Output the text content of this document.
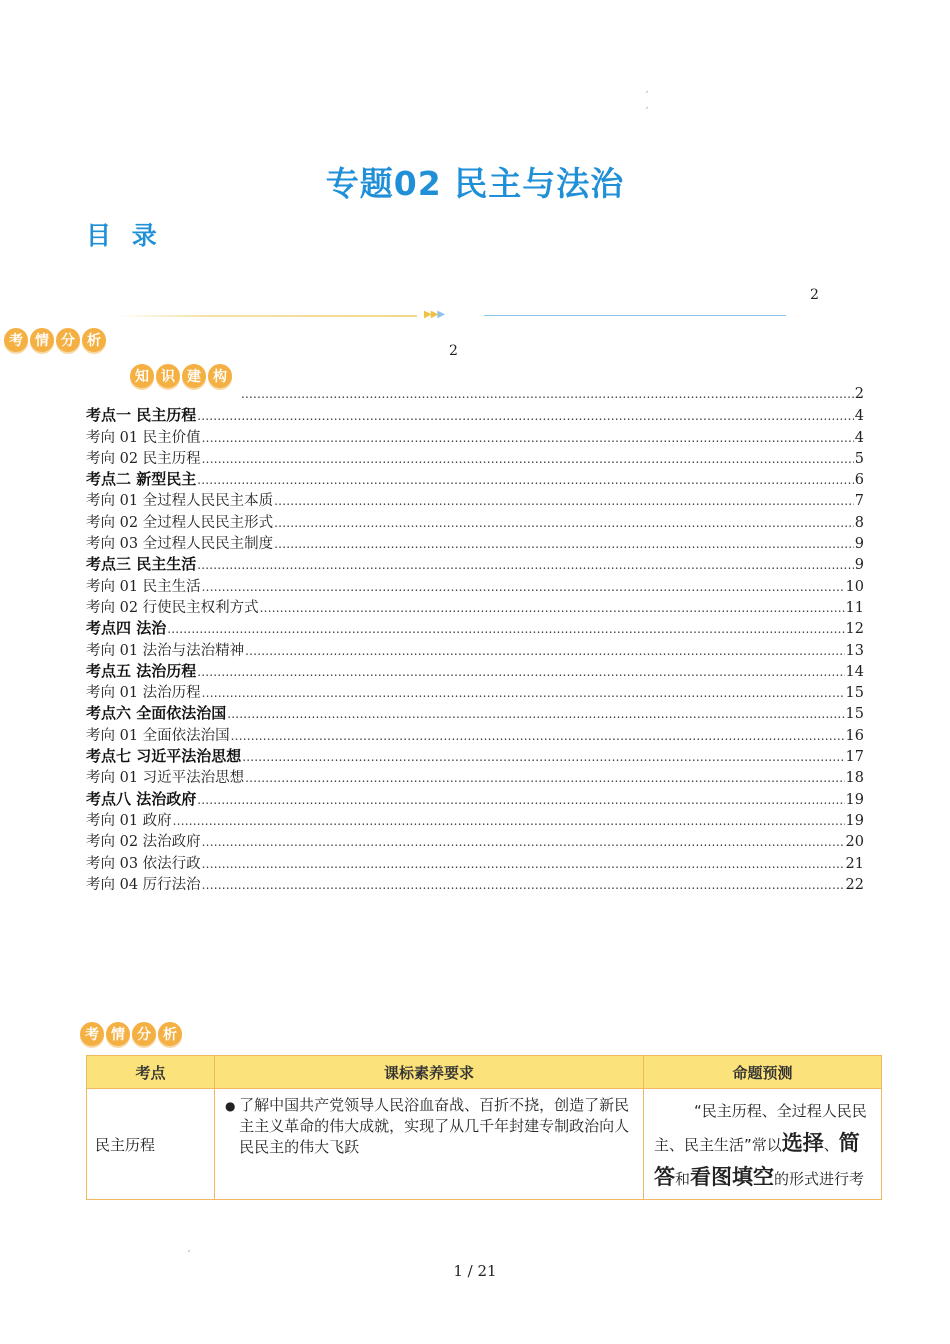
,
,
专题02 民主与法治
目 录
2
▶▶▶
考 情 分 析
2
知 识 建 构
.....
2
考点一 民主历程 .....	4
考向 01 民主价值 .....	4
考向 02 民主历程 .....	5
考点二 新型民主 .....	6
考向 01 全过程人民民主本质 .....	7
考向 02 全过程人民民主形式 .....	8
考向 03 全过程人民民主制度 .....	9
考点三 民主生活 .....	9
考向 01 民主生活 .....	10
考向 02 行使民主权利方式 .....	11
考点四 法治 .....	12
考向 01 法治与法治精神 .....	13
考点五 法治历程 .....	14
考向 01 法治历程 .....	15
考点六 全面依法治国 .....	15
考向 01 全面依法治国 .....	16
考点七 习近平法治思想 .....	17
考向 01 习近平法治思想 .....	18
考点八 法治政府 .....	19
考向 01 政府 .....	19
考向 02 法治政府 .....	20
考向 03 依法行政 .....	21
考向 04 厉行法治 .....	22
考点	课标素养要求	命题预测
民主历程	● 了解中国共产党领导人民浴血奋战、百折不挠，创造了新民主主义革命的伟大成就，实现了从几千年封建专制政治向人民民主的伟大飞跃	“民主历程、全过程人民民主、民主生活”常以选择、简答和看图填空的形式进行考
考 情 分 析
,
1 / 21
